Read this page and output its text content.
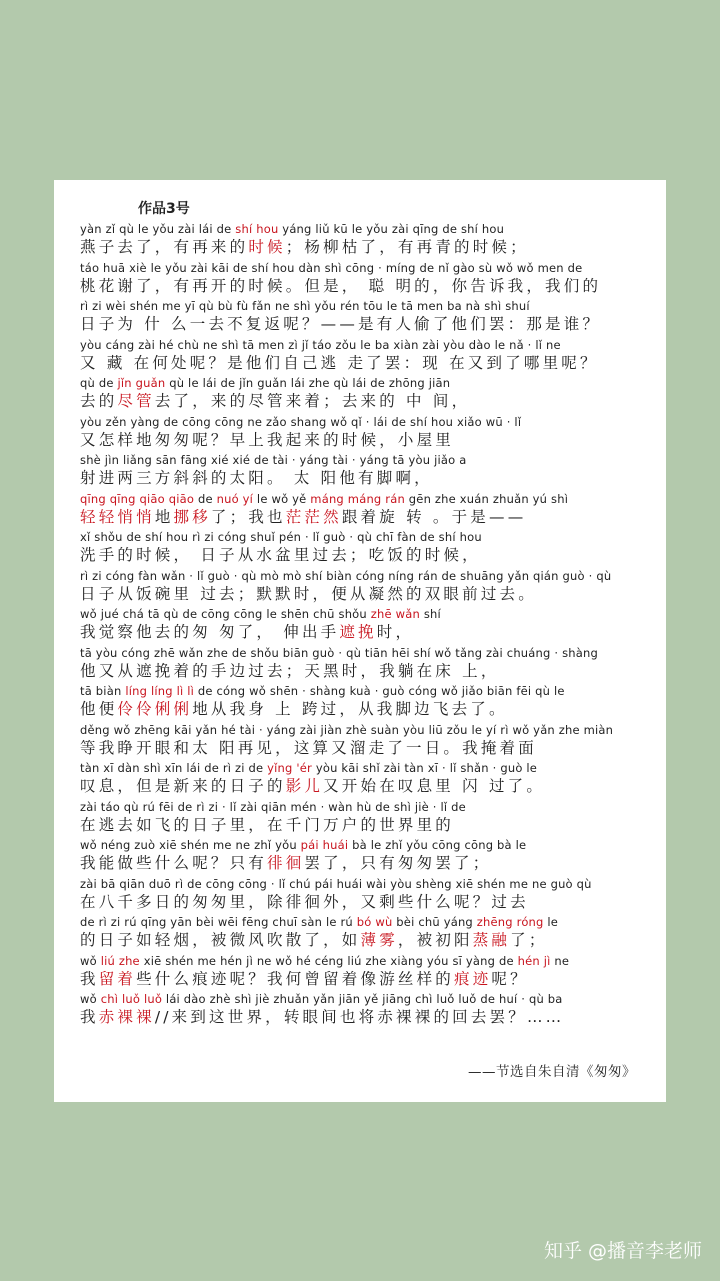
作品3号
yàn zǐ qù le yǒu zài lái de shí hou yáng liǔ kū le yǒu zài qīng de shí hou
燕子去了，有再来的时候；杨柳枯了，有再青的时候；
táo huā xiè le yǒu zài kāi de shí hou dàn shì cōng · míng de nǐ gào sù wǒ wǒ men de
桃花谢了，有再开的时候。但是， 聪 明的，你告诉我，我们的
rì zi wèi shén me yī qù bù fù fǎn ne shì yǒu rén tōu le tā men ba nà shì shuí
日子为 什 么一去不复返呢？——是有人偷了他们罢：那是谁？
yòu cáng zài hé chù ne shì tā men zì jǐ táo zǒu le ba xiàn zài yòu dào le nǎ · lǐ ne
又 藏 在何处呢？是他们自己逃 走了罢：现 在又到了哪里呢？
qù de jǐn guǎn qù le lái de jǐn guǎn lái zhe qù lái de zhōng jiān
去的尽管去了，来的尽管来着；去来的 中 间，
yòu zěn yàng de cōng cōng ne zǎo shang wǒ qǐ · lái de shí hou xiǎo wū · lǐ
又怎样地匆匆呢？早上我起来的时候，小屋里
shè jìn liǎng sān fāng xié xié de tài · yáng tài · yáng tā yòu jiǎo a
射进两三方斜斜的太阳。 太 阳他有脚啊，
qīng qīng qiāo qiāo de nuó yí le wǒ yě máng máng rán gēn zhe xuán zhuǎn yú shì
轻轻悄悄地挪移了；我也茫茫然跟着旋 转 。于是——
xǐ shǒu de shí hou rì zi cóng shuǐ pén · lǐ guò · qù chī fàn de shí hou
洗手的时候， 日子从水盆里过去；吃饭的时候，
rì zi cóng fàn wǎn · lǐ guò · qù mò mò shí biàn cóng níng rán de shuāng yǎn qián guò · qù
日子从饭碗里 过去；默默时，便从凝然的双眼前过去。
wǒ jué chá tā qù de cōng cōng le shēn chū shǒu zhē wǎn shí
我觉察他去的匆 匆了， 伸出手遮挽时，
tā yòu cóng zhē wǎn zhe de shǒu biān guò · qù tiān hēi shí wǒ tǎng zài chuáng · shàng
他又从遮挽着的手边过去；天黑时，我躺在床 上，
tā biàn líng líng lì lì de cóng wǒ shēn · shàng kuà · guò cóng wǒ jiǎo biān fēi qù le
他便伶伶俐俐地从我身 上 跨过，从我脚边飞去了。
děng wǒ zhēng kāi yǎn hé tài · yáng zài jiàn zhè suàn yòu liū zǒu le yí rì wǒ yǎn zhe miàn
等我睁开眼和太 阳再见，这算又溜走了一日。我掩着面
tàn xī dàn shì xīn lái de rì zi de yǐng 'ér yòu kāi shǐ zài tàn xī · lǐ shǎn · guò le
叹息，但是新来的日子的影儿又开始在叹息里 闪 过了。
zài táo qù rú fēi de rì zi · lǐ zài qiān mén · wàn hù de shì jiè · lǐ de
在逃去如飞的日子里，在千门万户的世界里的
wǒ néng zuò xiē shén me ne zhǐ yǒu pái huái bà le zhǐ yǒu cōng cōng bà le
我能做些什么呢？只有徘徊罢了，只有匆匆罢了；
zài bā qiān duō rì de cōng cōng · lǐ chú pái huái wài yòu shèng xiē shén me ne guò qù
在八千多日的匆匆里，除徘徊外，又剩些什么呢？过去
de rì zi rú qīng yān bèi wēi fēng chuī sàn le rú bó wù bèi chū yáng zhēng róng le
的日子如轻烟，被微风吹散了，如薄雾，被初阳蒸融了；
wǒ liú zhe xiē shén me hén jì ne wǒ hé céng liú zhe xiàng yóu sī yàng de hén jì ne
我留着些什么痕迹呢？我何曾留着像游丝样的痕迹呢？
wǒ chì luǒ luǒ lái dào zhè shì jiè zhuǎn yǎn jiān yě jiāng chì luǒ luǒ de huí · qù ba
我赤裸裸//来到这世界，转眼间也将赤裸裸的回去罢？……
——节选自朱自清《匆匆》
知乎 @播音李老师
